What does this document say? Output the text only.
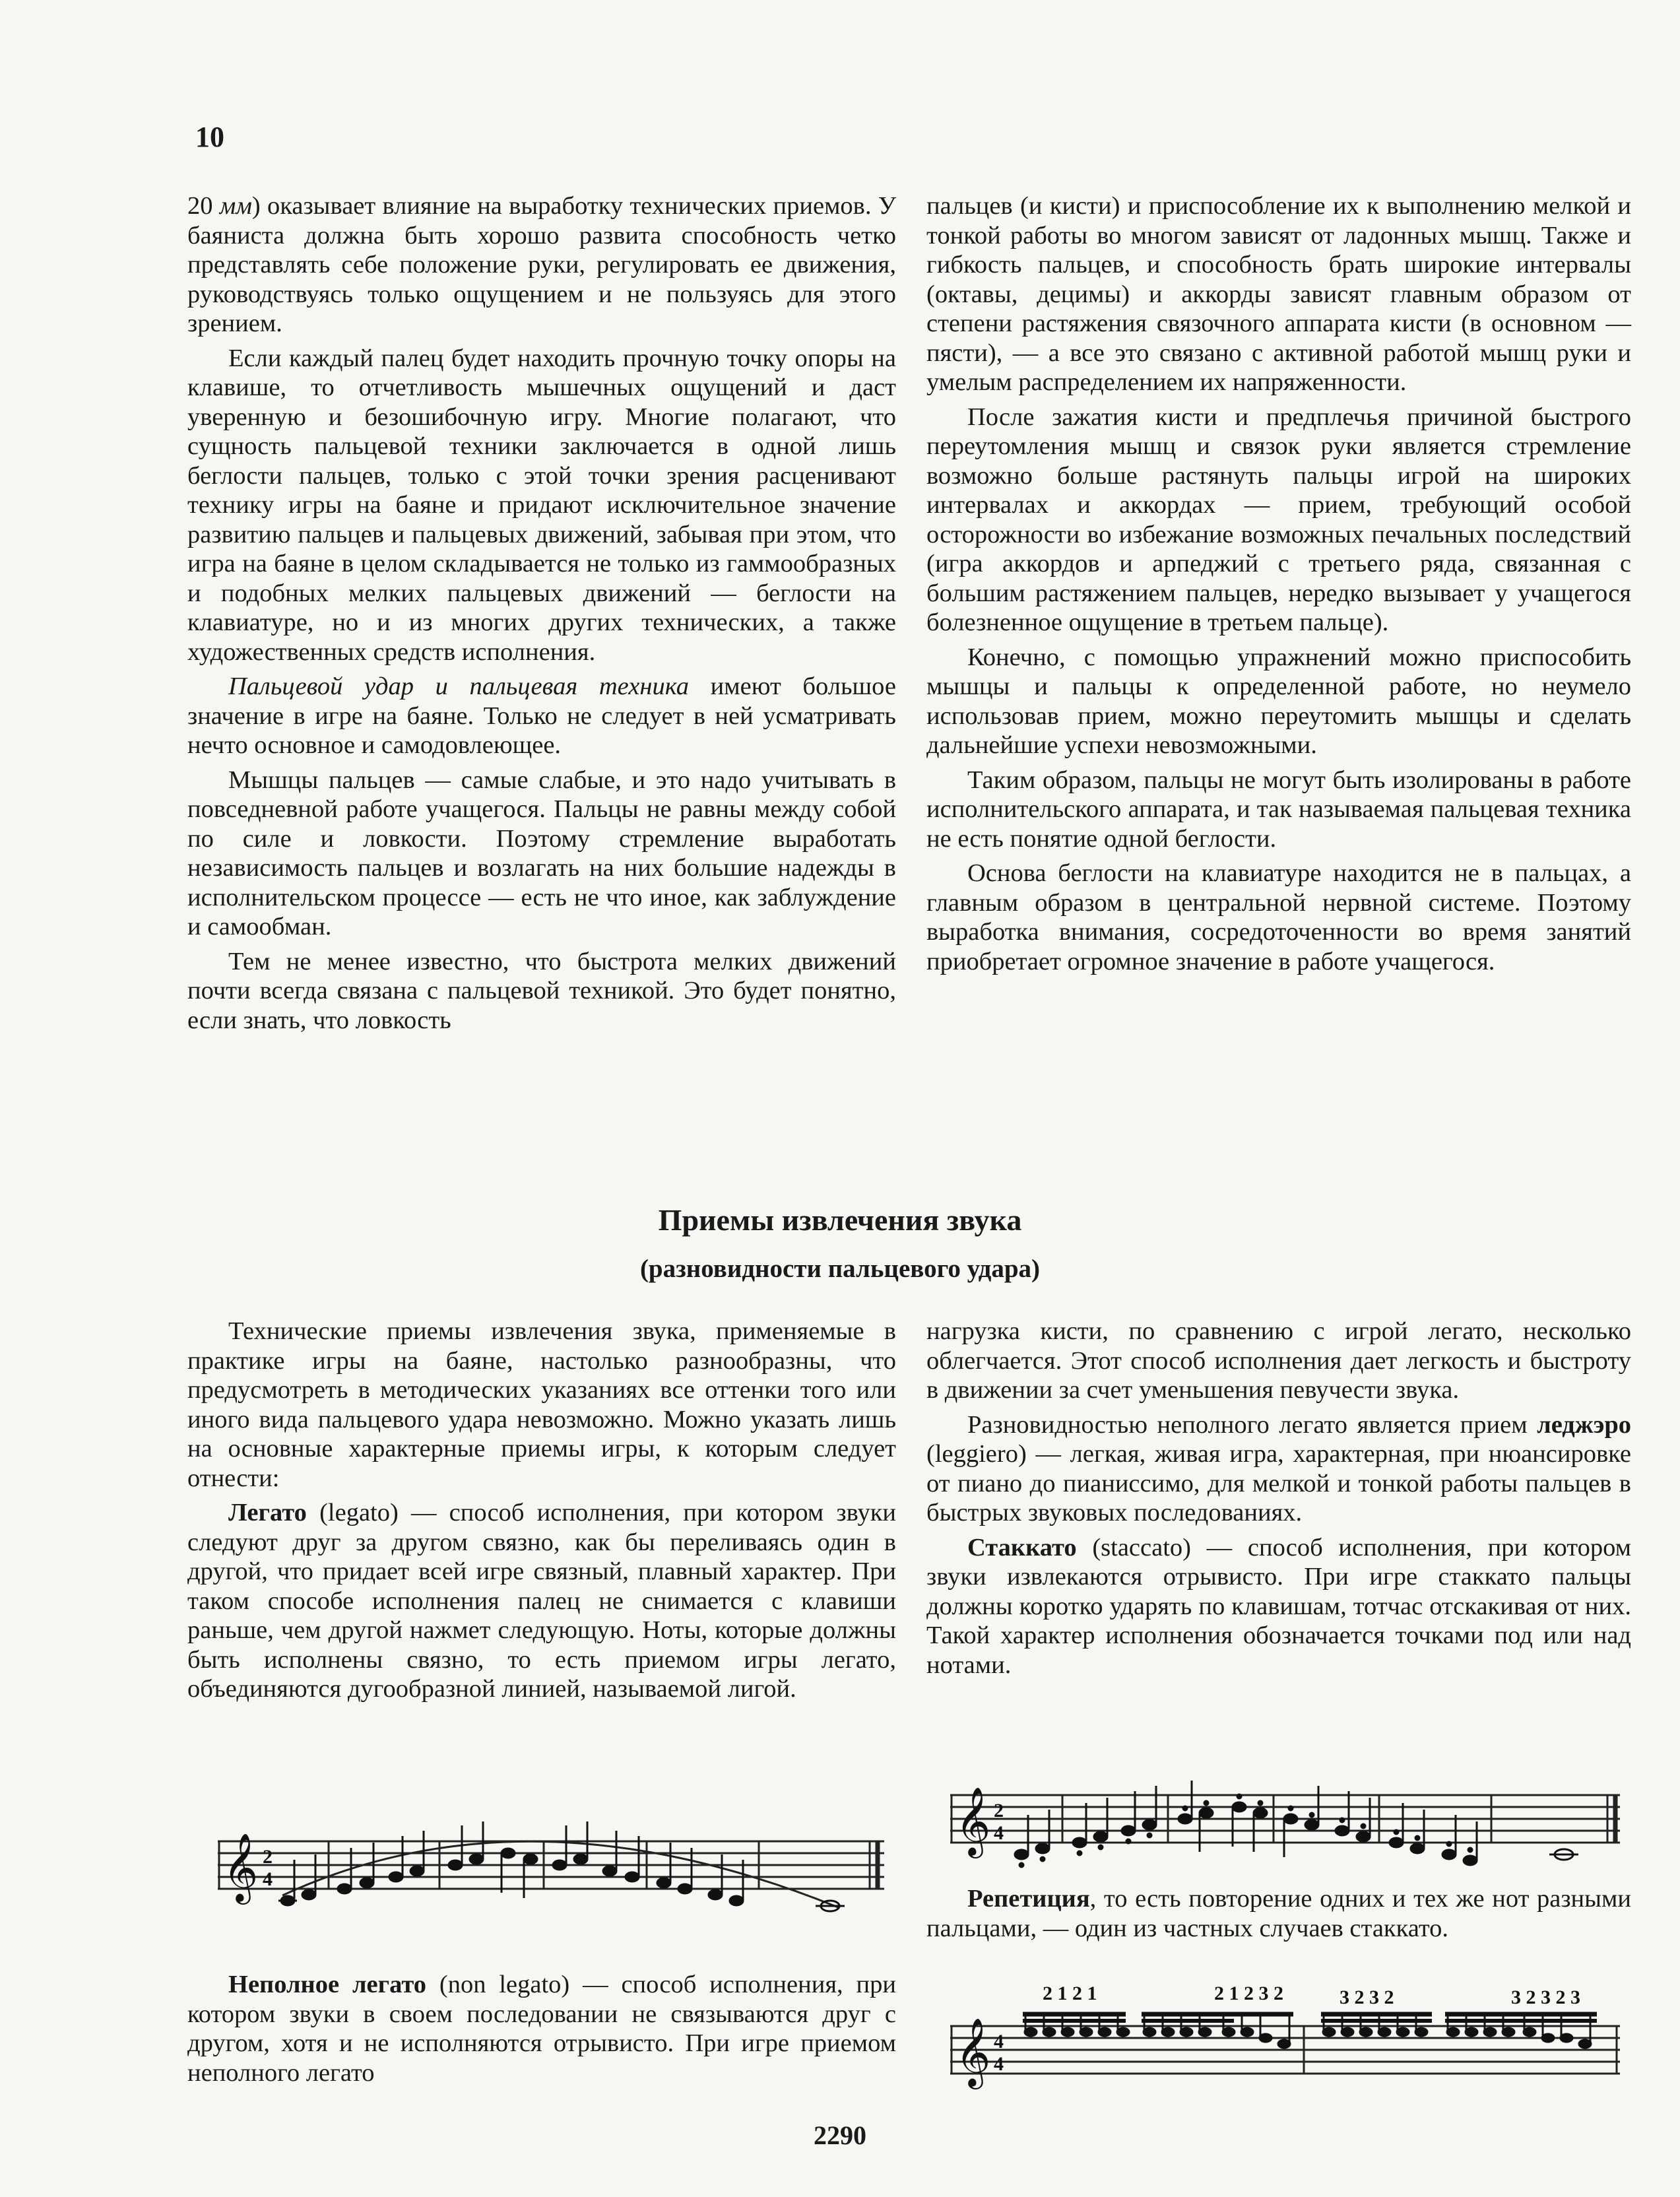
10

20 мм) оказывает влияние на выработку технических приемов. У баяниста должна быть хорошо развита способность четко представлять себе положение руки, регулировать ее движения, руководствуясь только ощущением и не пользуясь для этого зрением.

Если каждый палец будет находить прочную точку опоры на клавише, то отчетливость мышечных ощущений и даст уверенную и безошибочную игру. Многие полагают, что сущность пальцевой техники заключается в одной лишь беглости пальцев, только с этой точки зрения расценивают технику игры на баяне и придают исключительное значение развитию пальцев и пальцевых движений, забывая при этом, что игра на баяне в целом складывается не только из гаммообразных и подобных мелких пальцевых движений — беглости на клавиатуре, но и из многих других технических, а также художественных средств исполнения.

Пальцевой удар и пальцевая техника имеют большое значение в игре на баяне. Только не следует в ней усматривать нечто основное и самодовлеющее.

Мышцы пальцев — самые слабые, и это надо учитывать в повседневной работе учащегося. Пальцы не равны между собой по силе и ловкости. Поэтому стремление выработать независимость пальцев и возлагать на них большие надежды в исполнительском процессе — есть не что иное, как заблуждение и самообман.

Тем не менее известно, что быстрота мелких движений почти всегда связана с пальцевой техникой. Это будет понятно, если знать, что ловкость

пальцев (и кисти) и приспособление их к выполнению мелкой и тонкой работы во многом зависят от ладонных мышц. Также и гибкость пальцев, и способность брать широкие интервалы (октавы, децимы) и аккорды зависят главным образом от степени растяжения связочного аппарата кисти (в основном — пясти), — а все это связано с активной работой мышц руки и умелым распределением их напряженности.

После зажатия кисти и предплечья причиной быстрого переутомления мышц и связок руки является стремление возможно больше растянуть пальцы игрой на широких интервалах и аккордах — прием, требующий особой осторожности во избежание возможных печальных последствий (игра аккордов и арпеджий с третьего ряда, связанная с большим растяжением пальцев, нередко вызывает у учащегося болезненное ощущение в третьем пальце).

Конечно, с помощью упражнений можно приспособить мышцы и пальцы к определенной работе, но неумело использовав прием, можно переутомить мышцы и сделать дальнейшие успехи невозможными.

Таким образом, пальцы не могут быть изолированы в работе исполнительского аппарата, и так называемая пальцевая техника не есть понятие одной беглости.

Основа беглости на клавиатуре находится не в пальцах, а главным образом в центральной нервной системе. Поэтому выработка внимания, сосредоточенности во время занятий приобретает огромное значение в работе учащегося.

Приемы извлечения звука
(разновидности пальцевого удара)

Технические приемы извлечения звука, применяемые в практике игры на баяне, настолько разнообразны, что предусмотреть в методических указаниях все оттенки того или иного вида пальцевого удара невозможно. Можно указать лишь на основные характерные приемы игры, к которым следует отнести:

Легато (legato) — способ исполнения, при котором звуки следуют друг за другом связно, как бы переливаясь один в другой, что придает всей игре связный, плавный характер. При таком способе исполнения палец не снимается с клавиши раньше, чем другой нажмет следующую. Ноты, которые должны быть исполнены связно, то есть приемом игры легато, объединяются дугообразной линией, называемой лигой.

𝄞 2
4

Неполное легато (non legato) — способ исполнения, при котором звуки в своем последовании не связываются друг с другом, хотя и не исполняются отрывисто. При игре приемом неполного легато

нагрузка кисти, по сравнению с игрой легато, несколько облегчается. Этот способ исполнения дает легкость и быстроту в движении за счет уменьшения певучести звука.

Разновидностью неполного легато является прием леджэро (leggiero) — легкая, живая игра, характерная, при нюансировке от пиано до пианиссимо, для мелкой и тонкой работы пальцев в быстрых звуковых последованиях.

Стаккато (staccato) — способ исполнения, при котором звуки извлекаются отрывисто. При игре стаккато пальцы должны коротко ударять по клавишам, тотчас отскакивая от них. Такой характер исполнения обозначается точками под или над нотами.

𝄞 2
4

Репетиция, то есть повторение одних и тех же нот разными пальцами, — один из частных случаев стаккато.

2 1 2 1	2 1 2 3 2	3 2 3 2	3 2 3 2 3
𝄞 4
4
2290
